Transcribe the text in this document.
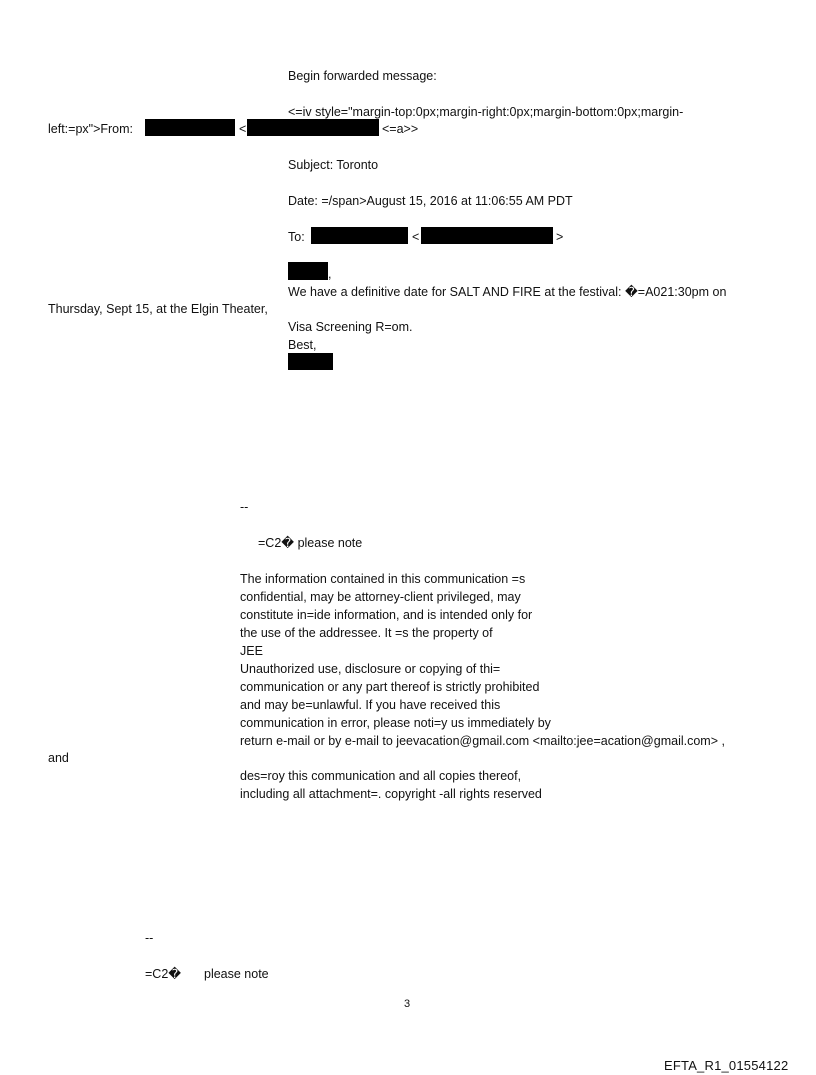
Begin forwarded message:
<=iv style="margin-top:0px;margin-right:0px;margin-bottom:0px;margin-
left:=px">From:	<	<=a>>
Subject: Toronto
Date: =/span>August 15, 2016 at 11:06:55 AM PDT
To:	<	>
,
We have a definitive date for SALT AND FIRE at the festival: �=A021:30pm on
Thursday, Sept 15, at the Elgin Theater,
Visa Screening R=om.
Best,
--
=C2� please note
The information contained in this communication =s
confidential, may be attorney-client privileged, may
constitute in=ide information, and is intended only for
the use of the addressee. It =s the property of
JEE
Unauthorized use, disclosure or copying of thi=
communication or any part thereof is strictly prohibited
and may be=unlawful. If you have received this
communication in error, please noti=y us immediately by
return e-mail or by e-mail to jeevacation@gmail.com <mailto:jee=acation@gmail.com> ,
and
des=roy this communication and all copies thereof,
including all attachment=. copyright -all rights reserved
--
=C2� please note
3
EFTA_R1_01554122
